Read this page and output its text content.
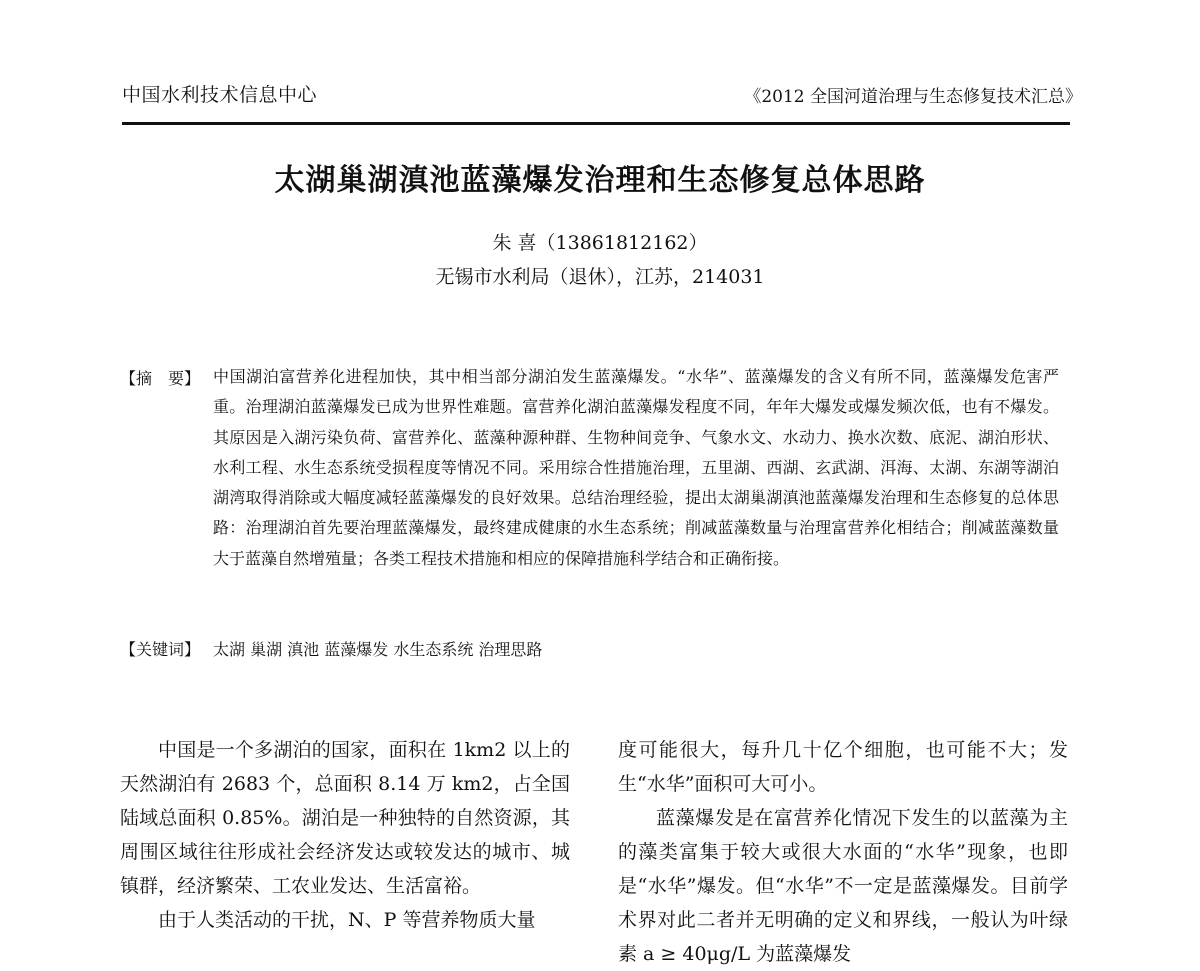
中国水利技术信息中心	《2012 全国河道治理与生态修复技术汇总》
太湖巢湖滇池蓝藻爆发治理和生态修复总体思路
朱 喜（13861812162）
无锡市水利局（退休），江苏，214031
【摘　要】 中国湖泊富营养化进程加快，其中相当部分湖泊发生蓝藻爆发。“水华”、蓝藻爆发的含义有所不同，蓝藻爆发危害严重。治理湖泊蓝藻爆发已成为世界性难题。富营养化湖泊蓝藻爆发程度不同，年年大爆发或爆发频次低，也有不爆发。其原因是入湖污染负荷、富营养化、蓝藻种源种群、生物种间竞争、气象水文、水动力、换水次数、底泥、湖泊形状、水利工程、水生态系统受损程度等情况不同。采用综合性措施治理，五里湖、西湖、玄武湖、洱海、太湖、东湖等湖泊湖湾取得消除或大幅度减轻蓝藻爆发的良好效果。总结治理经验，提出太湖巢湖滇池蓝藻爆发治理和生态修复的总体思路：治理湖泊首先要治理蓝藻爆发，最终建成健康的水生态系统；削减蓝藻数量与治理富营养化相结合；削减蓝藻数量大于蓝藻自然增殖量；各类工程技术措施和相应的保障措施科学结合和正确衔接。
【关键词】 太湖 巢湖 滇池 蓝藻爆发 水生态系统 治理思路

中国是一个多湖泊的国家，面积在 1km2 以上的天然湖泊有 2683 个，总面积 8.14 万 km2，占全国陆域总面积 0.85%。湖泊是一种独特的自然资源，其周围区域往往形成社会经济发达或较发达的城市、城镇群，经济繁荣、工农业发达、生活富裕。

由于人类活动的干扰，N、P 等营养物质大量

度可能很大，每升几十亿个细胞，也可能不大；发生“水华”面积可大可小。

蓝藻爆发是在富营养化情况下发生的以蓝藻为主的藻类富集于较大或很大水面的“水华”现象，也即是“水华”爆发。但“水华”不一定是蓝藻爆发。目前学术界对此二者并无明确的定义和界线，一般认为叶绿素 a ≥ 40μg/L 为蓝藻爆发
